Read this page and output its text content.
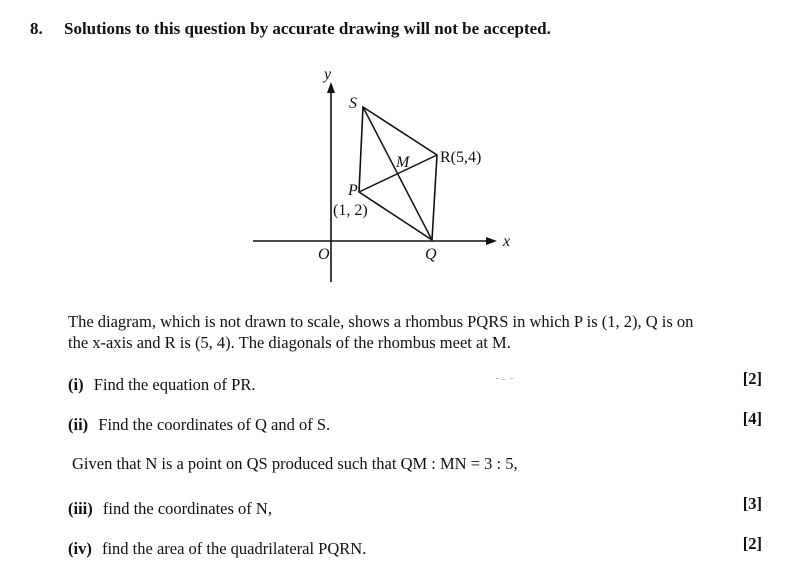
8. Solutions to this question by accurate drawing will not be accepted.
y
x
O
S
M R(5,4)
P
(1, 2)
Q
The diagram, which is not drawn to scale, shows a rhombus PQRS in which P is (1, 2), Q is on
the x-axis and R is (5, 4). The diagonals of the rhombus meet at M.
(i) Find the equation of PR.	[2]
(ii) Find the coordinates of Q and of S.	[4]
Given that N is a point on QS produced such that QM : MN = 3 : 5,
(iii) find the coordinates of N,	[3]
(iv) find the area of the quadrilateral PQRN.	[2]
